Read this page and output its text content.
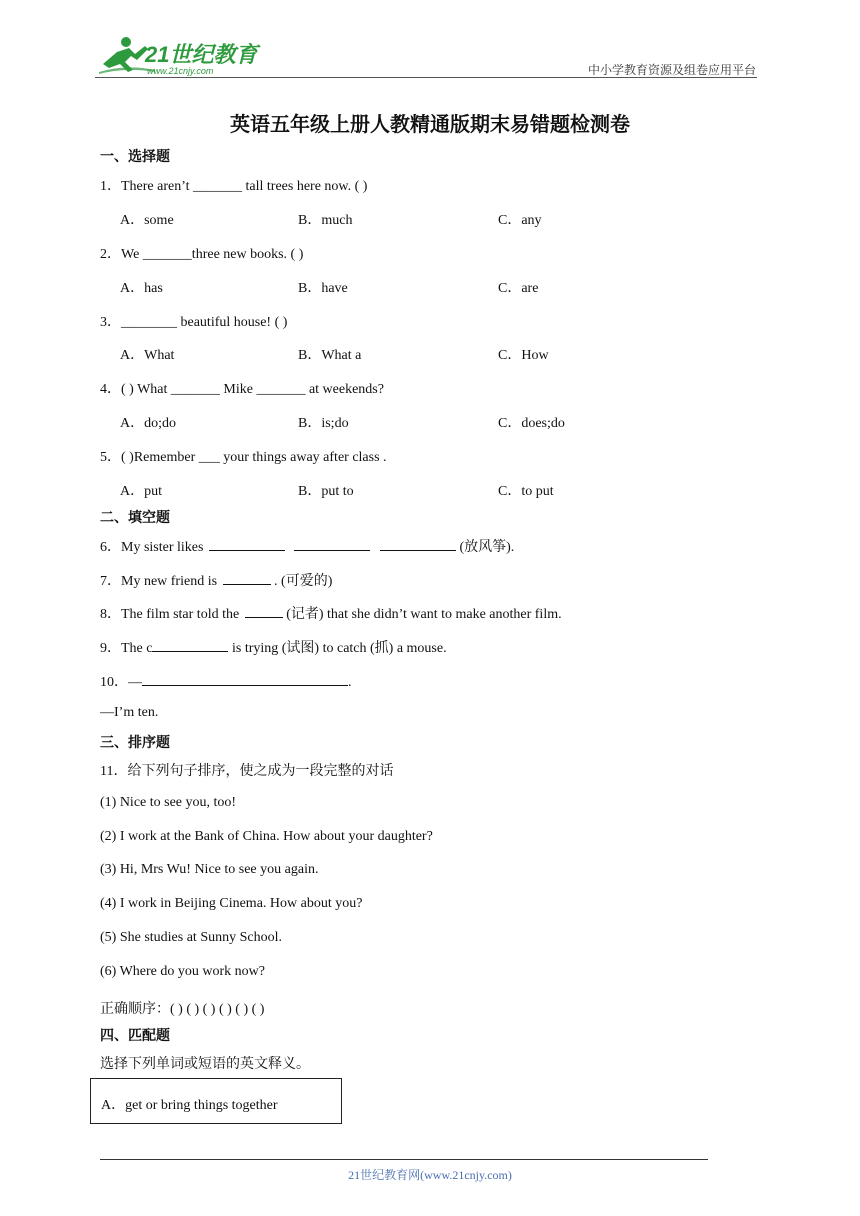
21世纪教育
www.21cnjy.com	中小学教育资源及组卷应用平台
英语五年级上册人教精通版期末易错题检测卷
一、选择题
1．There aren’t _______ tall trees here now. ( )
A．some	B．much	C．any
2．We _______three new books. ( )
A．has	B．have	C．are
3．________ beautiful house! ( )
A．What	B．What a	C．How
4．( ) What _______ Mike _______ at weekends?
A．do;do	B．is;do	C．does;do
5．( )Remember ___ your things away after class .
A．put	B．put to	C．to put
二、填空题
6．My sister likes	(放风筝).
7．My new friend is	. (可爱的)
8．The film star told the	(记者) that she didn’t want to make another film.
9．The c	is trying (试图) to catch (抓) a mouse.
10．—	.
—I’m ten.
三、排序题
11．给下列句子排序，使之成为一段完整的对话
(1) Nice to see you, too!
(2) I work at the Bank of China. How about your daughter?
(3) Hi, Mrs Wu! Nice to see you again.
(4) I work in Beijing Cinema. How about you?
(5) She studies at Sunny School.
(6) Where do you work now?
正确顺序：( ) ( ) ( ) ( ) ( ) ( )
四、匹配题
选择下列单词或短语的英文释义。
A．get or bring things together
21世纪教育网(www.21cnjy.com)
